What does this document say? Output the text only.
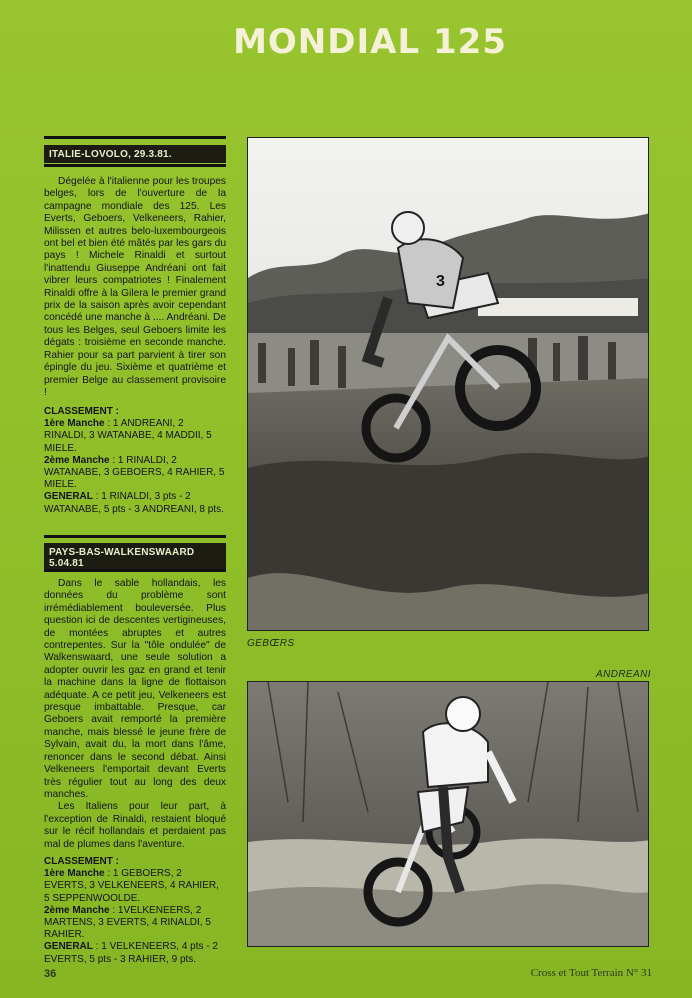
MONDIAL 125
ITALIE-LOVOLO, 29.3.81.

Dégelée à l'italienne pour les troupes belges, lors de l'ouverture de la campagne mondiale des 125. Les Everts, Geboers, Velkeneers, Rahier, Milissen et autres belo-luxembourgeois ont bel et bien été mâtés par les gars du pays ! Michele Rinaldi et surtout l'inattendu Giuseppe Andréani ont fait vibrer leurs compatriotes ! Finalement Rinaldi offre à la Gilera le premier grand prix de la saison après avoir cependant concédé une manche à .... Andréani. De tous les Belges, seul Geboers limite les dégats : troisième en seconde manche. Rahier pour sa part parvient à tirer son épingle du jeu. Sixième et quatrième et premier Belge au classement provisoire !

CLASSEMENT :

1ère Manche : 1 ANDREANI, 2 RINALDI, 3 WATANABE, 4 MADDII, 5 MIELE.

2ème Manche : 1 RINALDI, 2 WATANABE, 3 GEBOERS, 4 RAHIER, 5 MIELE.

GENERAL : 1 RINALDI, 3 pts - 2 WATANABE, 5 pts - 3 ANDREANI, 8 pts.

PAYS-BAS-WALKENSWAARD 5.04.81

Dans le sable hollandais, les données du problème sont irrémédiablement bouleversée. Plus question ici de descentes vertigineuses, de montées abruptes et autres contrepentes. Sur la "tôle ondulée" de Walkenswaard, une seule solution a adopter ouvrir les gaz en grand et tenir la machine dans la ligne de flottaison adéquate. A ce petit jeu, Velkeneers est presque imbattable. Presque, car Geboers avait remporté la première manche, mais blessé le jeune frère de Sylvain, avait du, la mort dans l'âme, renoncer dans le second débat. Ainsi Velkeneers l'emportait devant Everts très régulier tout au long des deux manches.

Les Italiens pour leur part, à l'exception de Rinaldi, restaient bloqué sur le récif hollandais et perdaient pas mal de plumes dans l'aventure.

CLASSEMENT :

1ère Manche : 1 GEBOERS, 2 EVERTS, 3 VELKENEERS, 4 RAHIER, 5 SEPPENWOOLDE.

2ème Manche : 1VELKENEERS, 2 MARTENS, 3 EVERTS, 4 RINALDI, 5 RAHIER.

GENERAL : 1 VELKENEERS, 4 pts - 2 EVERTS, 5 pts - 3 RAHIER, 9 pts.

3
GEBŒRS
ANDREANI
36	Cross et Tout Terrain N° 31
